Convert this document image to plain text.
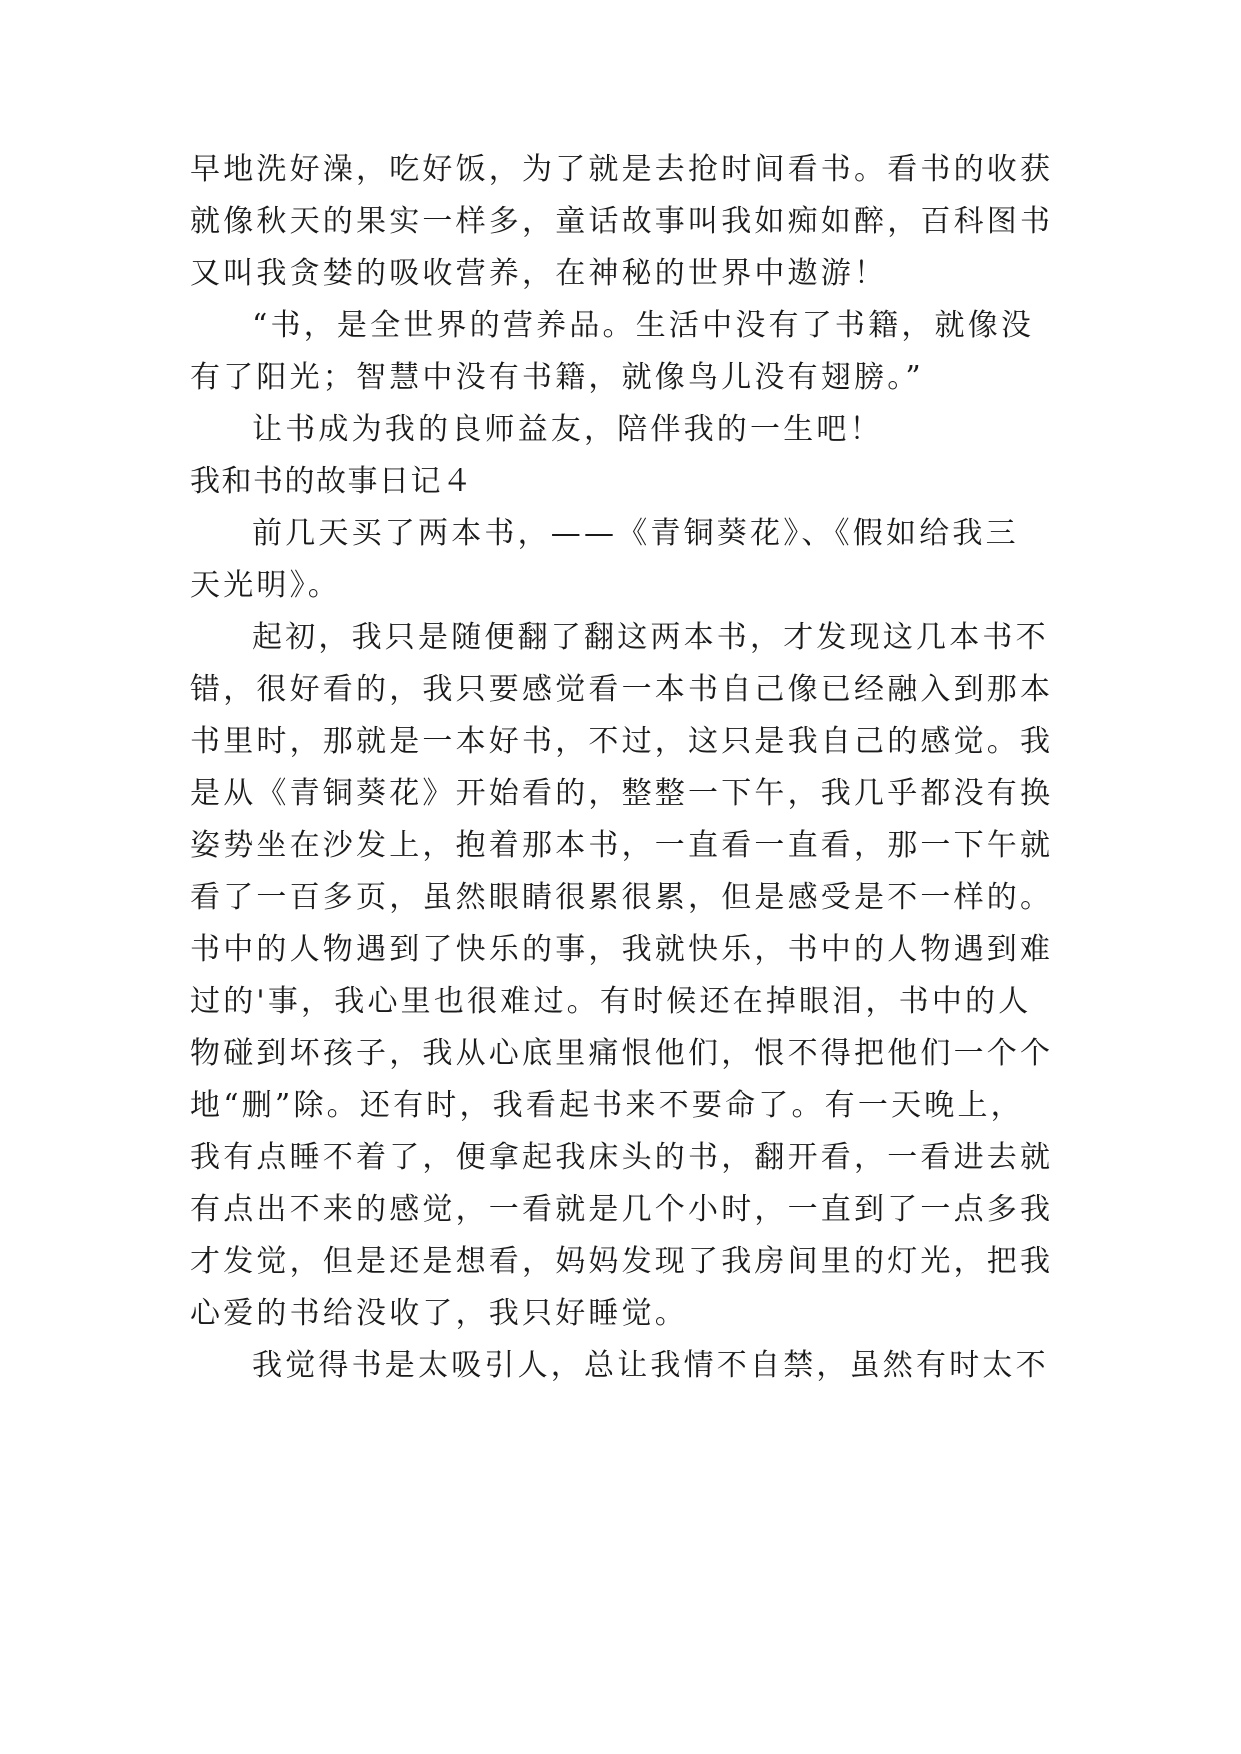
早地洗好澡，吃好饭，为了就是去抢时间看书。看书的收获
就像秋天的果实一样多，童话故事叫我如痴如醉，百科图书
又叫我贪婪的吸收营养，在神秘的世界中遨游！
“书，是全世界的营养品。生活中没有了书籍，就像没
有了阳光；智慧中没有书籍，就像鸟儿没有翅膀。”
让书成为我的良师益友，陪伴我的一生吧！
我和书的故事日记４
前几天买了两本书，——《青铜葵花》、《假如给我三
天光明》。
起初，我只是随便翻了翻这两本书，才发现这几本书不
错，很好看的，我只要感觉看一本书自己像已经融入到那本
书里时，那就是一本好书，不过，这只是我自己的感觉。我
是从《青铜葵花》开始看的，整整一下午，我几乎都没有换
姿势坐在沙发上，抱着那本书，一直看一直看，那一下午就
看了一百多页，虽然眼睛很累很累，但是感受是不一样的。
书中的人物遇到了快乐的事，我就快乐，书中的人物遇到难
过的'事，我心里也很难过。有时候还在掉眼泪，书中的人
物碰到坏孩子，我从心底里痛恨他们，恨不得把他们一个个
地“删”除。还有时，我看起书来不要命了。有一天晚上，
我有点睡不着了，便拿起我床头的书，翻开看，一看进去就
有点出不来的感觉，一看就是几个小时，一直到了一点多我
才发觉，但是还是想看，妈妈发现了我房间里的灯光，把我
心爱的书给没收了，我只好睡觉。
我觉得书是太吸引人，总让我情不自禁，虽然有时太不
